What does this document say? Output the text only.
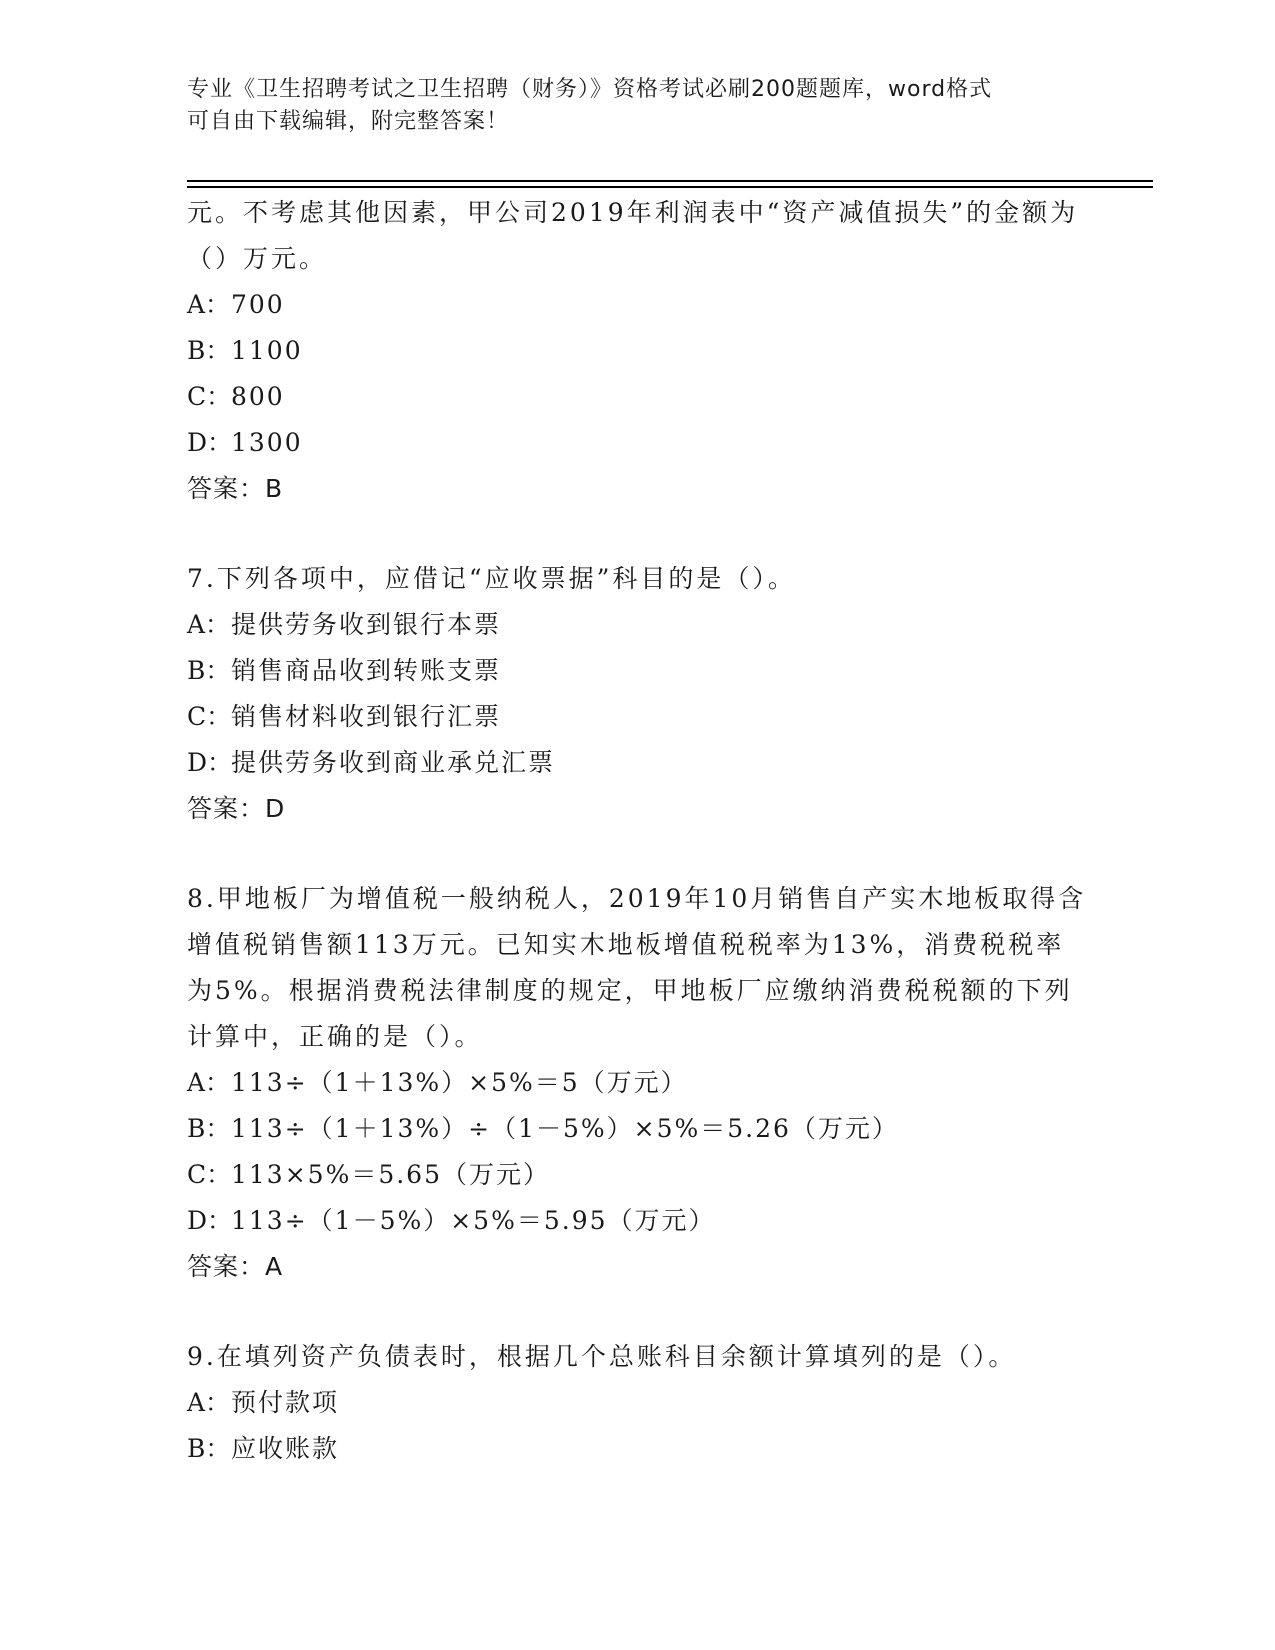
专业《卫生招聘考试之卫生招聘（财务）》资格考试必刷200题题库，word格式
可自由下载编辑，附完整答案！

元。不考虑其他因素，甲公司2019年利润表中“资产减值损失”的金额为（）万元。

A：700
B：1100
C：800
D：1300
答案：B

7.下列各项中，应借记“应收票据”科目的是（）。

A：提供劳务收到银行本票
B：销售商品收到转账支票
C：销售材料收到银行汇票
D：提供劳务收到商业承兑汇票
答案：D

8.甲地板厂为增值税一般纳税人，2019年10月销售自产实木地板取得含增值税销售额113万元。已知实木地板增值税税率为13%，消费税税率为5%。根据消费税法律制度的规定，甲地板厂应缴纳消费税税额的下列计算中，正确的是（）。

A：113÷（1＋13%）×5%＝5（万元）
B：113÷（1＋13%）÷（1－5%）×5%＝5.26（万元）
C：113×5%＝5.65（万元）
D：113÷（1－5%）×5%＝5.95（万元）
答案：A

9.在填列资产负债表时，根据几个总账科目余额计算填列的是（）。

A：预付款项
B：应收账款
